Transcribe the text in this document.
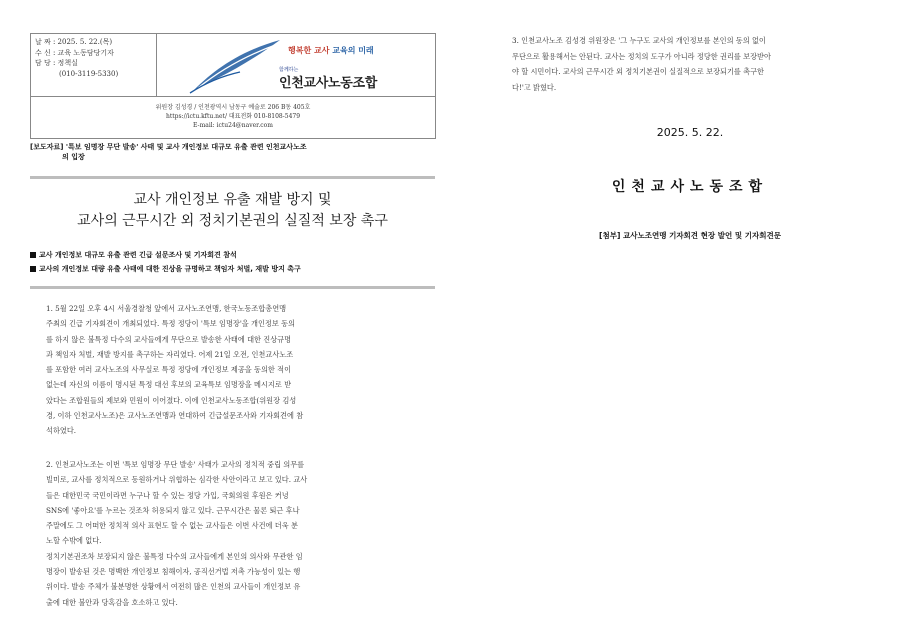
날 짜 : 2025. 5. 22.(목)
수 신 : 교육 노동담당기자
담 당 : 정책실
(010-3119-5330)
행복한 교사 교육의 미래
함께하는
인천교사노동조합
위원장 김성경 / 인천광역시 남동구 예술로 206 B동 405호
https://ictu.kftu.net/ 대표전화 010-8108-5479
E-mail: ictu24@naver.com
[보도자료] '특보 임명장 무단 발송' 사태 및 교사 개인정보 대규모 유출 관련 인천교사노조
의 입장
교사 개인정보 유출 재발 방지 및
교사의 근무시간 외 정치기본권의 실질적 보장 촉구
교사 개인정보 대규모 유출 관련 긴급 설문조사 및 기자회견 참석
교사의 개인정보 대량 유출 사태에 대한 진상을 규명하고 책임자 처벌, 재발 방지 촉구
1. 5월 22일 오후 4시 서울경찰청 앞에서 교사노조연맹, 한국노동조합총연맹
주최의 긴급 기자회견이 개최되었다. 특정 정당이 '특보 임명장'을 개인정보 동의
를 하지 않은 불특정 다수의 교사들에게 무단으로 발송한 사태에 대한 진상규명
과 책임자 처벌, 재발 방지를 촉구하는 자리였다. 어제 21일 오전, 인천교사노조
를 포함한 여러 교사노조의 사무실로 특정 정당에 개인정보 제공을 동의한 적이
없는데 자신의 이름이 명시된 특정 대선 후보의 교육특보 임명장을 메시지로 받
았다는 조합원들의 제보와 민원이 이어졌다. 이에 인천교사노동조합(위원장 김성
경, 이하 인천교사노조)은 교사노조연맹과 연대하여 긴급설문조사와 기자회견에 참
석하였다.
2. 인천교사노조는 이번 '특보 임명장 무단 발송' 사태가 교사의 정치적 중립 의무를
빌미로, 교사를 정치적으로 동원하거나 위협하는 심각한 사안이라고 보고 있다. 교사
들은 대한민국 국민이라면 누구나 할 수 있는 정당 가입, 국회의원 후원은 커녕
SNS에 '좋아요'를 누르는 것조차 허용되지 않고 있다. 근무시간은 물론 퇴근 후나
주말에도 그 어떠한 정치적 의사 표현도 할 수 없는 교사들은 이번 사건에 더욱 분
노할 수밖에 없다.
정치기본권조차 보장되지 않은 불특정 다수의 교사들에게 본인의 의사와 무관한 임
명장이 발송된 것은 명백한 개인정보 침해이자, 공직선거법 저촉 가능성이 있는 행
위이다. 발송 주체가 불분명한 상황에서 여전히 많은 인천의 교사들이 개인정보 유
출에 대한 불안과 당혹감을 호소하고 있다.
3. 인천교사노조 김성경 위원장은 '그 누구도 교사의 개인정보를 본인의 동의 없이
무단으로 활용해서는 안된다. 교사는 정치의 도구가 아니라 정당한 권리를 보장받아
야 할 시민이다. 교사의 근무시간 외 정치기본권이 실질적으로 보장되기를 촉구한
다!'고 밝혔다.
2025. 5. 22.
인천교사노동조합
[첨부] 교사노조연맹 기자회견 현장 발언 및 기자회견문
